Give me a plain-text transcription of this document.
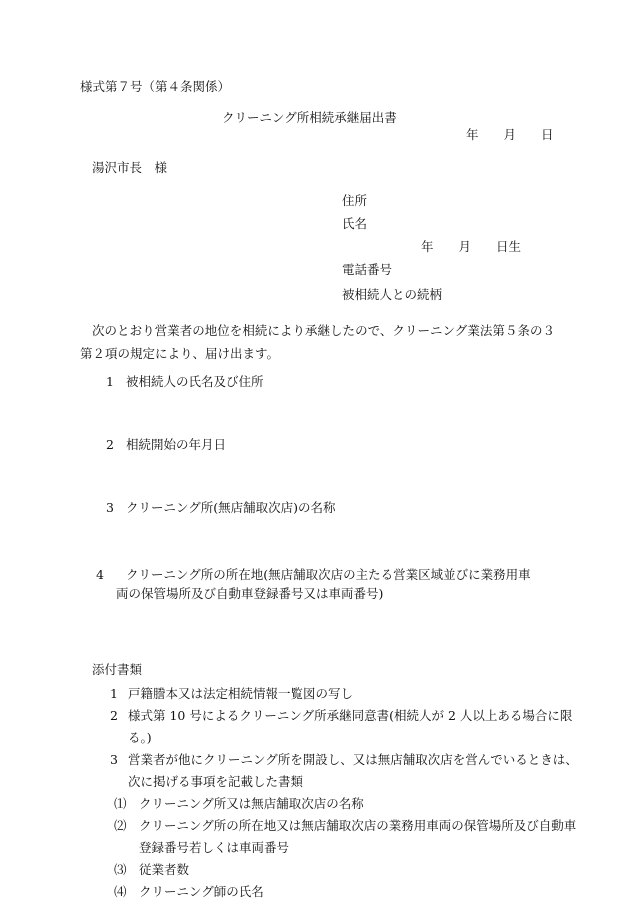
様式第７号（第４条関係）
クリーニング所相続承継届出書
年　　月　　日
湯沢市長　様
住所
氏名
年　　月　　日生
電話番号
被相続人との続柄
次のとおり営業者の地位を相続により承継したので、クリーニング業法第５条の３第２項の規定により、届け出ます。
1 被相続人の氏名及び住所
2 相続開始の年月日
3 クリーニング所(無店舗取次店)の名称
4 クリーニング所の所在地(無店舗取次店の主たる営業区域並びに業務用車両の保管場所及び自動車登録番号又は車両番号)
添付書類
1 戸籍謄本又は法定相続情報一覧図の写し
2 様式第 10 号によるクリーニング所承継同意書(相続人が 2 人以上ある場合に限る。)
3 営業者が他にクリーニング所を開設し、又は無店舗取次店を営んでいるときは、次に掲げる事項を記載した書類
⑴ クリーニング所又は無店舗取次店の名称
⑵ クリーニング所の所在地又は無店舗取次店の業務用車両の保管場所及び自動車登録番号若しくは車両番号
⑶ 従業者数
⑷ クリーニング師の氏名
